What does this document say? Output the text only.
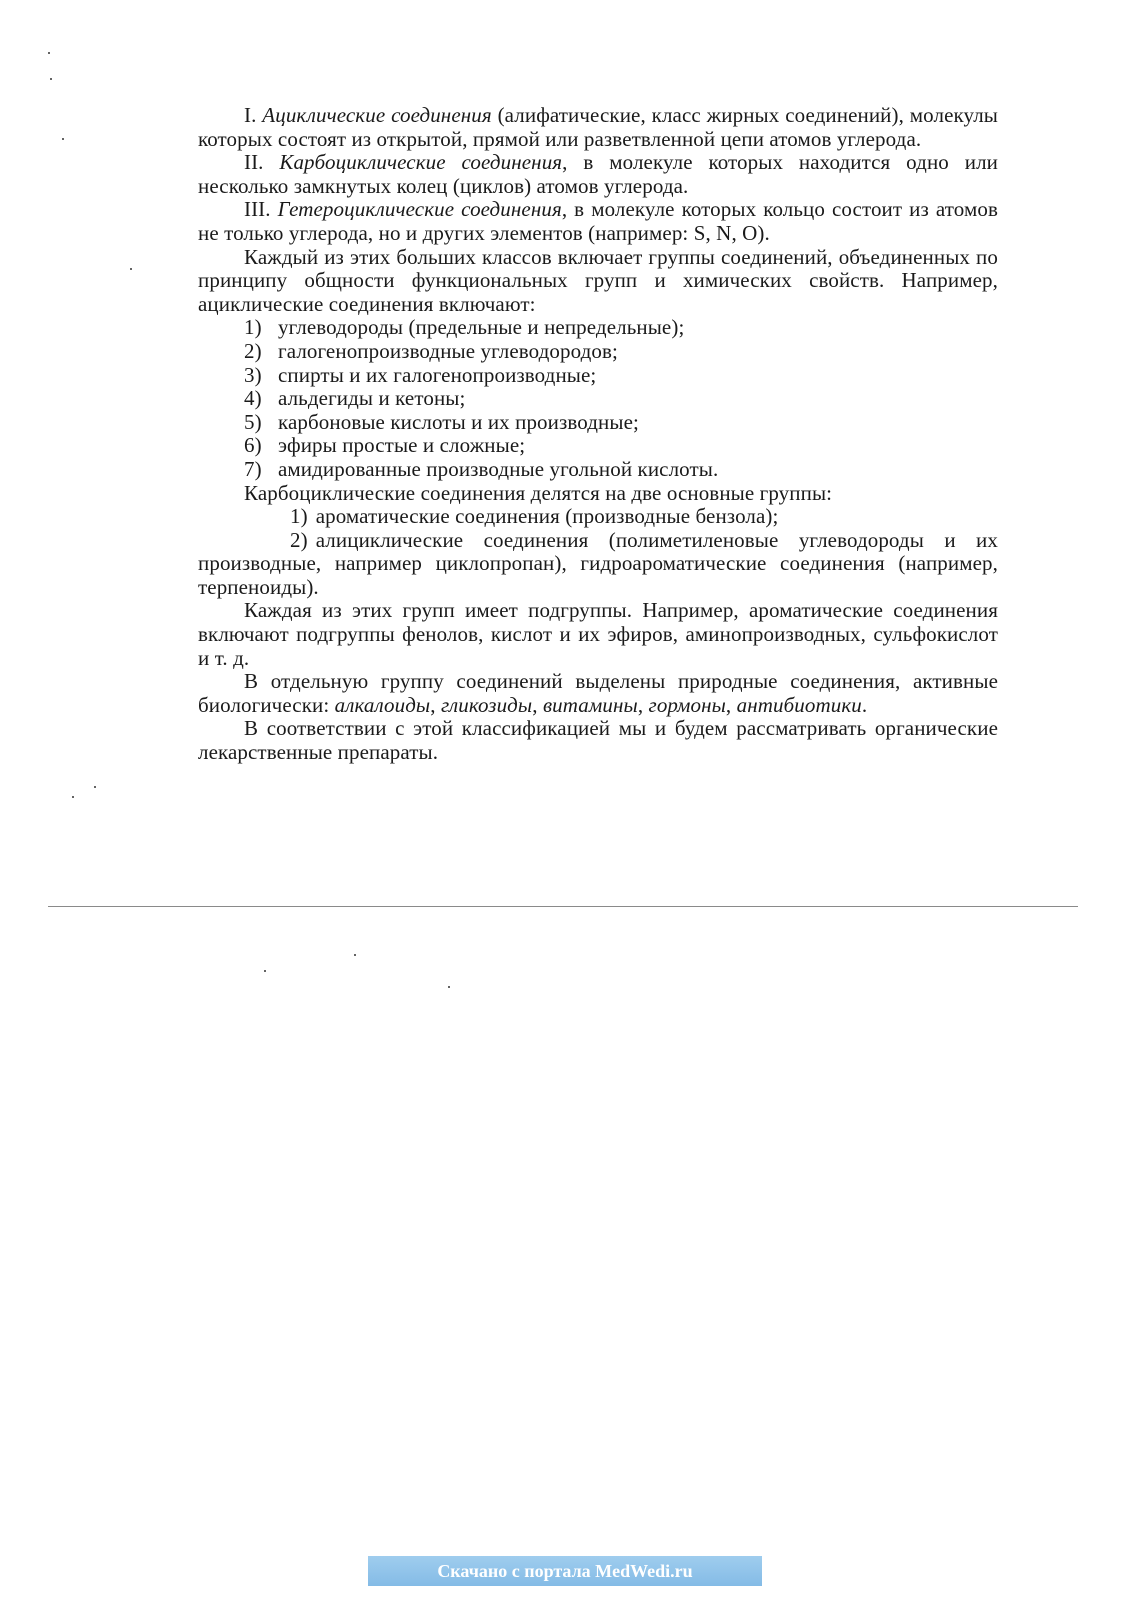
I. Ациклические соединения (алифатические, класс жирных соединений), молекулы которых состоят из открытой, прямой или разветвленной цепи атомов углерода.

II. Карбоциклические соединения, в молекуле которых находится одно или несколько замкнутых колец (циклов) атомов углерода.

III. Гетероциклические соединения, в молекуле которых кольцо состоит из атомов не только углерода, но и других элементов (например: S, N, O).

Каждый из этих больших классов включает группы соединений, объединенных по принципу общности функциональных групп и химических свойств. Например, ациклические соединения включают:

1) углеводороды (предельные и непредельные);
2) галогенопроизводные углеводородов;
3) спирты и их галогенопроизводные;
4) альдегиды и кетоны;
5) карбоновые кислоты и их производные;
6) эфиры простые и сложные;
7) амидированные производные угольной кислоты.

Карбоциклические соединения делятся на две основные группы:

1) ароматические соединения (производные бензола);
2) алициклические соединения (полиметиленовые углеводороды и их производные, например циклопропан), гидроароматические соединения (например, терпеноиды).

Каждая из этих групп имеет подгруппы. Например, ароматические соединения включают подгруппы фенолов, кислот и их эфиров, аминопроизводных, сульфокислот и т. д.

В отдельную группу соединений выделены природные соединения, активные биологически: алкалоиды, гликозиды, витамины, гормоны, антибиотики.

В соответствии с этой классификацией мы и будем рассматривать органические лекарственные препараты.

Скачано с портала MedWedi.ru
